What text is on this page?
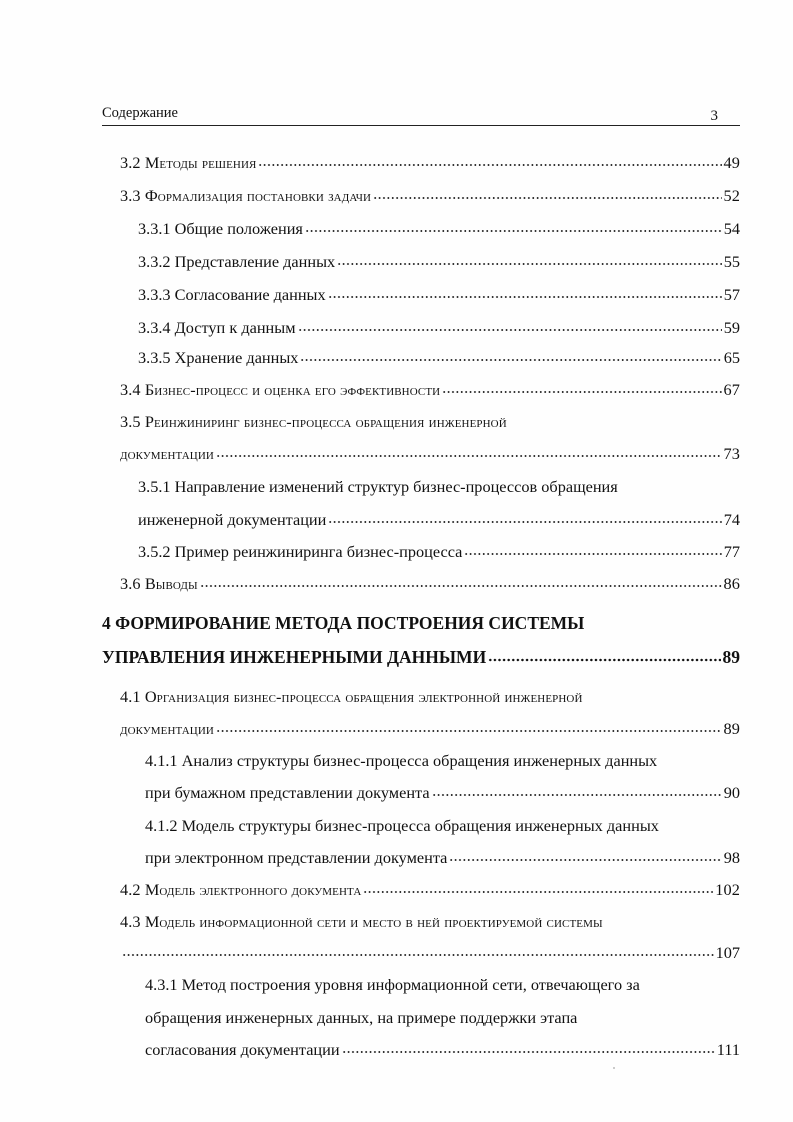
Содержание	3
3.2 Методы решения	49
3.3 Формализация постановки задачи	52
3.3.1 Общие положения	54
3.3.2 Представление данных	55
3.3.3 Согласование данных	57
3.3.4 Доступ к данным	59
3.3.5 Хранение данных	65
3.4 Бизнес-процесс и оценка его эффективности	67
3.5 Реинжиниринг бизнес-процесса обращения инженерной
документации	73
3.5.1 Направление изменений структур бизнес-процессов обращения
инженерной документации	74
3.5.2 Пример реинжиниринга бизнес-процесса	77
3.6 Выводы	86
4 ФОРМИРОВАНИЕ МЕТОДА ПОСТРОЕНИЯ СИСТЕМЫ
УПРАВЛЕНИЯ ИНЖЕНЕРНЫМИ ДАННЫМИ	89
4.1 Организация бизнес-процесса обращения электронной инженерной
документации	89
4.1.1 Анализ структуры бизнес-процесса обращения инженерных данных
при бумажном представлении документа	90
4.1.2 Модель структуры бизнес-процесса обращения инженерных данных
при электронном представлении документа	98
4.2 Модель электронного документа	102
4.3 Модель информационной сети и место в ней проектируемой системы
107
4.3.1 Метод построения уровня информационной сети, отвечающего за
обращения инженерных данных, на примере поддержки этапа
согласования документации	111
